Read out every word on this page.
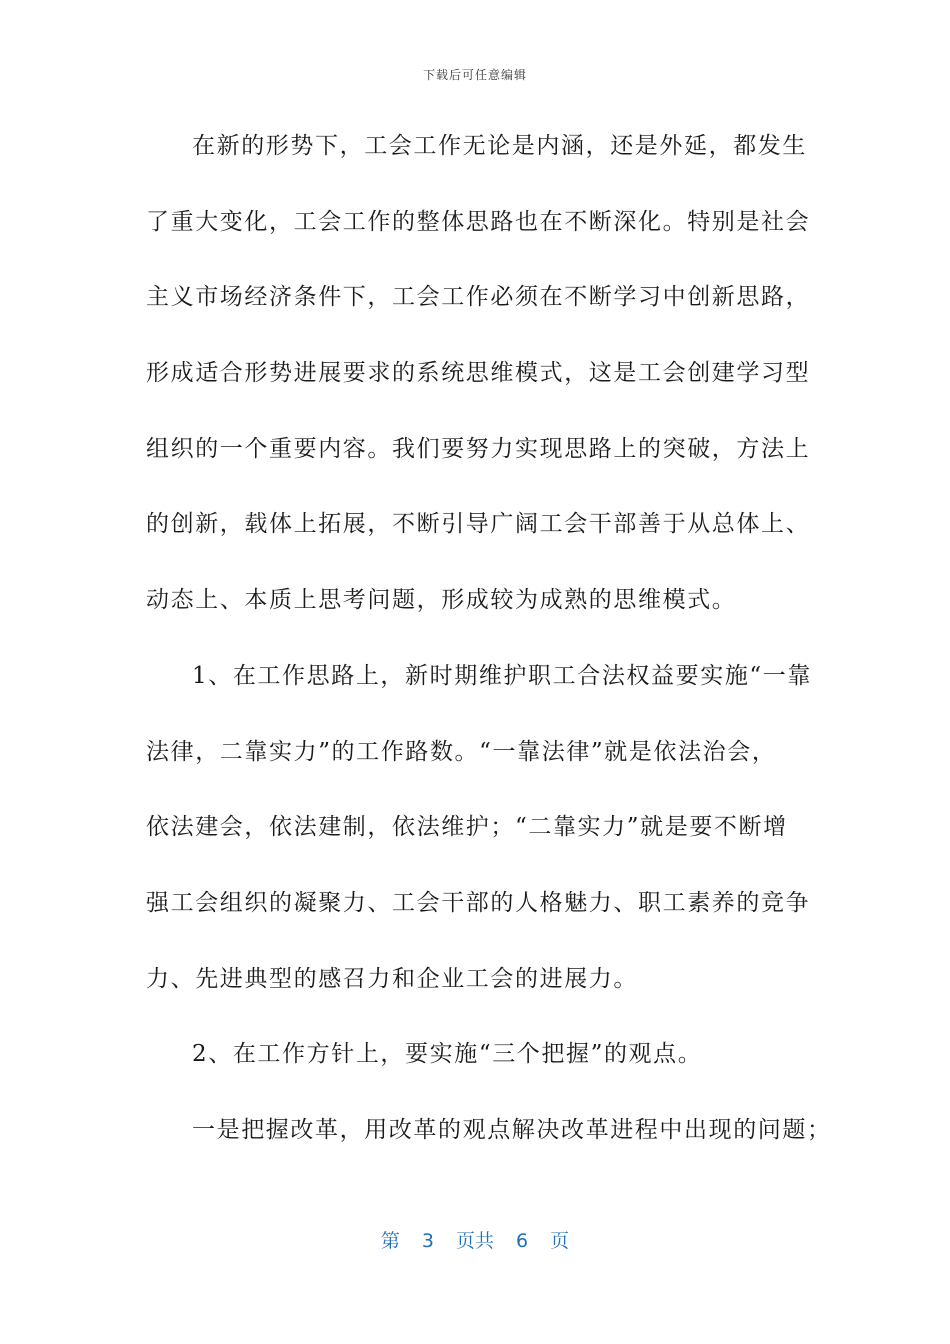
下载后可任意编辑
在新的形势下，工会工作无论是内涵，还是外延，都发生
了重大变化，工会工作的整体思路也在不断深化。特别是社会
主义市场经济条件下，工会工作必须在不断学习中创新思路，
形成适合形势进展要求的系统思维模式，这是工会创建学习型
组织的一个重要内容。我们要努力实现思路上的突破，方法上
的创新，载体上拓展，不断引导广阔工会干部善于从总体上、
动态上、本质上思考问题，形成较为成熟的思维模式。
1、在工作思路上，新时期维护职工合法权益要实施“一靠
法律，二靠实力”的工作路数。“一靠法律”就是依法治会，
依法建会，依法建制，依法维护；“二靠实力”就是要不断增
强工会组织的凝聚力、工会干部的人格魅力、职工素养的竞争
力、先进典型的感召力和企业工会的进展力。
2、在工作方针上，要实施“三个把握”的观点。
一是把握改革，用改革的观点解决改革进程中出现的问题；
第 3 页共 6 页
